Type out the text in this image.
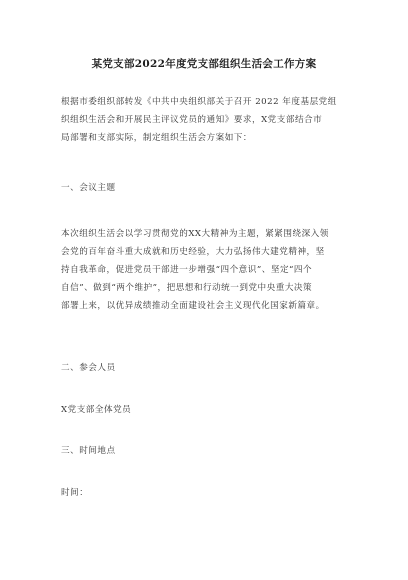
某党支部2022年度党支部组织生活会工作方案
根据市委组织部转发《中共中央组织部关于召开 2022 年度基层党组
织组织生活会和开展民主评议党员的通知》要求，X党支部结合市
局部署和支部实际，制定组织生活会方案如下：
一、会议主题
本次组织生活会以学习贯彻党的XX大精神为主题，紧紧围绕深入领
会党的百年奋斗重大成就和历史经验，大力弘扬伟大建党精神，坚
持自我革命，促进党员干部进一步增强“四个意识”、坚定“四个
自信”、做到“两个维护”，把思想和行动统一到党中央重大决策
部署上来，以优异成绩推动全面建设社会主义现代化国家新篇章。
二、参会人员
X党支部全体党员
三、时间地点
时间：
